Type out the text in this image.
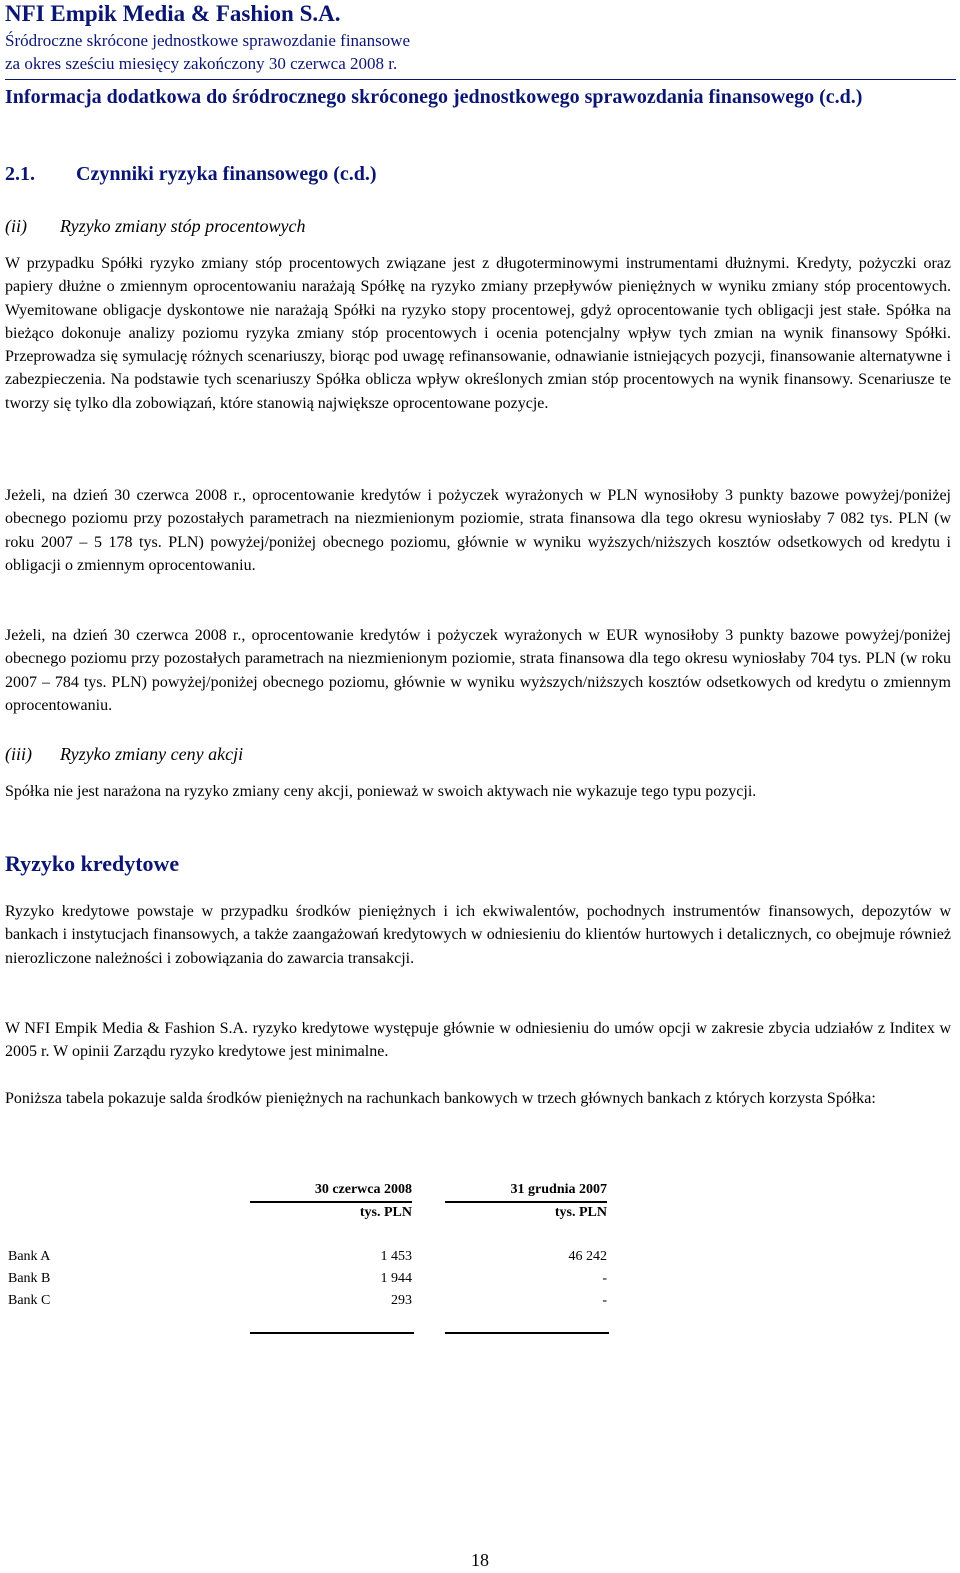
NFI Empik Media & Fashion S.A.
Śródroczne skrócone jednostkowe sprawozdanie finansowe
za okres sześciu miesięcy zakończony 30 czerwca 2008 r.
Informacja dodatkowa do śródrocznego skróconego jednostkowego sprawozdania finansowego (c.d.)
2.1. Czynniki ryzyka finansowego (c.d.)
(ii) Ryzyko zmiany stóp procentowych
W przypadku Spółki ryzyko zmiany stóp procentowych związane jest z długoterminowymi instrumentami dłużnymi. Kredyty, pożyczki oraz papiery dłużne o zmiennym oprocentowaniu narażają Spółkę na ryzyko zmiany przepływów pieniężnych w wyniku zmiany stóp procentowych. Wyemitowane obligacje dyskontowe nie narażają Spółki na ryzyko stopy procentowej, gdyż oprocentowanie tych obligacji jest stałe. Spółka na bieżąco dokonuje analizy poziomu ryzyka zmiany stóp procentowych i ocenia potencjalny wpływ tych zmian na wynik finansowy Spółki. Przeprowadza się symulację różnych scenariuszy, biorąc pod uwagę refinansowanie, odnawianie istniejących pozycji, finansowanie alternatywne i zabezpieczenia. Na podstawie tych scenariuszy Spółka oblicza wpływ określonych zmian stóp procentowych na wynik finansowy. Scenariusze te tworzy się tylko dla zobowiązań, które stanowią największe oprocentowane pozycje.
Jeżeli, na dzień 30 czerwca 2008 r., oprocentowanie kredytów i pożyczek wyrażonych w PLN wynosiłoby 3 punkty bazowe powyżej/poniżej obecnego poziomu przy pozostałych parametrach na niezmienionym poziomie, strata finansowa dla tego okresu wyniosłaby 7 082 tys. PLN (w roku 2007 – 5 178 tys. PLN) powyżej/poniżej obecnego poziomu, głównie w wyniku wyższych/niższych kosztów odsetkowych od kredytu i obligacji o zmiennym oprocentowaniu.
Jeżeli, na dzień 30 czerwca 2008 r., oprocentowanie kredytów i pożyczek wyrażonych w EUR wynosiłoby 3 punkty bazowe powyżej/poniżej obecnego poziomu przy pozostałych parametrach na niezmienionym poziomie, strata finansowa dla tego okresu wyniosłaby 704 tys. PLN (w roku 2007 – 784 tys. PLN) powyżej/poniżej obecnego poziomu, głównie w wyniku wyższych/niższych kosztów odsetkowych od kredytu o zmiennym oprocentowaniu.
(iii) Ryzyko zmiany ceny akcji
Spółka nie jest narażona na ryzyko zmiany ceny akcji, ponieważ w swoich aktywach nie wykazuje tego typu pozycji.
Ryzyko kredytowe
Ryzyko kredytowe powstaje w przypadku środków pieniężnych i ich ekwiwalentów, pochodnych instrumentów finansowych, depozytów w bankach i instytucjach finansowych, a także zaangażowań kredytowych w odniesieniu do klientów hurtowych i detalicznych, co obejmuje również nierozliczone należności i zobowiązania do zawarcia transakcji.
W NFI Empik Media & Fashion S.A. ryzyko kredytowe występuje głównie w odniesieniu do umów opcji w zakresie zbycia udziałów z Inditex w 2005 r. W opinii Zarządu ryzyko kredytowe jest minimalne.
Poniższa tabela pokazuje salda środków pieniężnych na rachunkach bankowych w trzech głównych bankach z których korzysta Spółka:
30 czerwca 2008	31 grudnia 2007
tys. PLN	tys. PLN
Bank A	1 453	46 242
Bank B	1 944	-
Bank C	293	-
18
